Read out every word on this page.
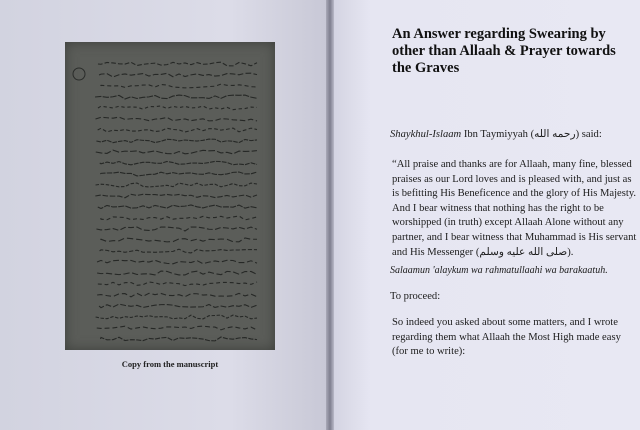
Copy from the manuscript
An Answer regarding Swearing by other than Allaah & Prayer towards the Graves
Shaykhul-Islaam Ibn Taymiyyah (رحمه الله) said:
“All praise and thanks are for Allaah, many fine, blessed praises as our Lord loves and is pleased with, and just as is befitting His Beneficence and the glory of His Majesty. And I bear witness that nothing has the right to be worshipped (in truth) except Allaah Alone without any partner, and I bear witness that Muhammad is His servant and His Messenger (صلى الله عليه وسلم).
Salaamun 'alaykum wa rahmatullaahi wa barakaatuh.
To proceed:
So indeed you asked about some matters, and I wrote regarding them what Allaah the Most High made easy (for me to write):
